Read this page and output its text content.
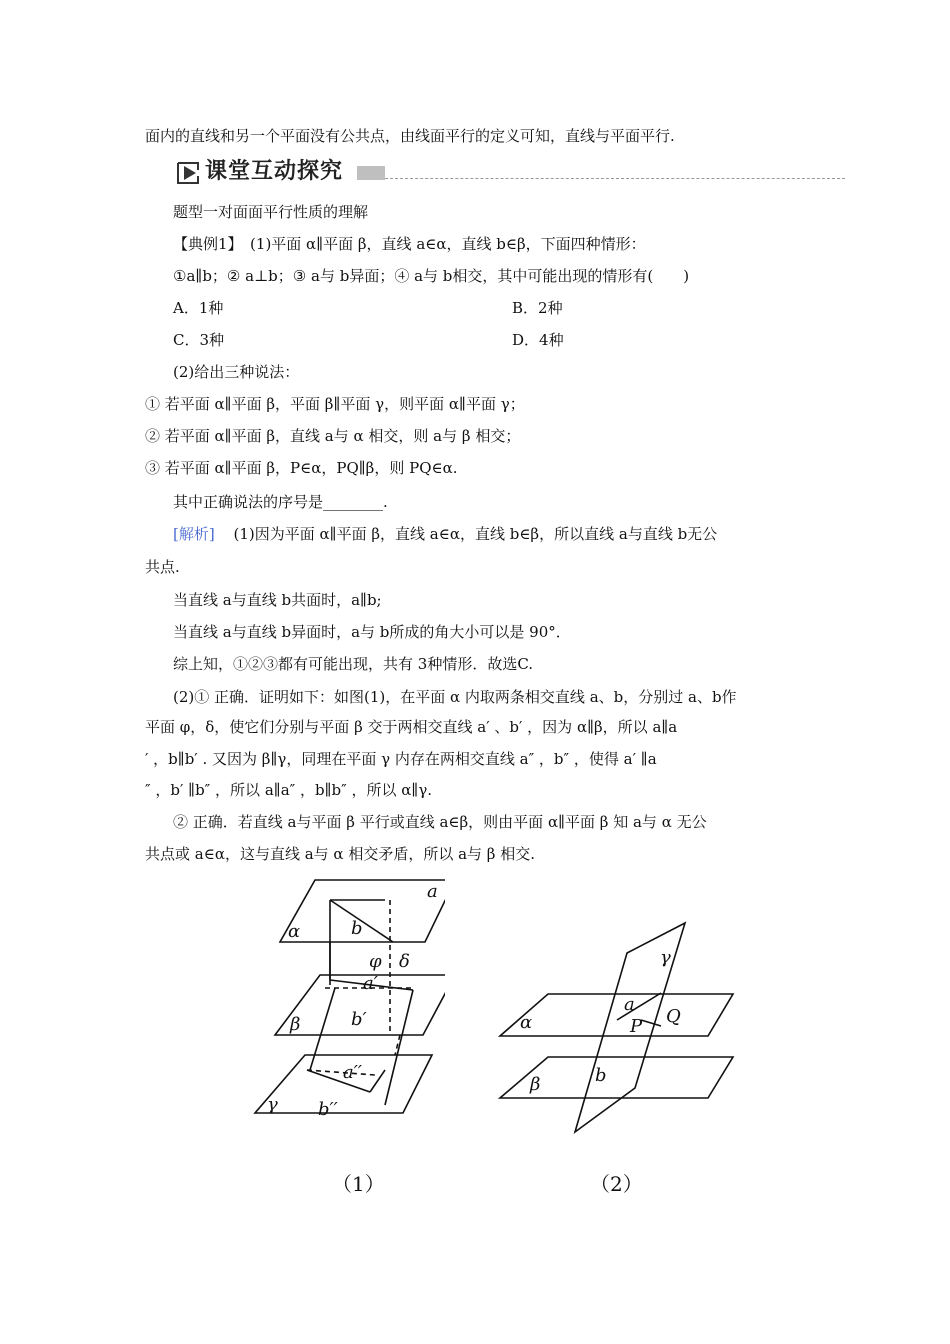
面内的直线和另一个平面没有公共点，由线面平行的定义可知，直线与平面平行.
课堂互动探究
题型一对面面平行性质的理解
【典例1】　(1)平面 α∥平面 β，直线 a∈α，直线 b∈β，下面四种情形：
①a∥b；② a⊥b；③ a与 b异面；④ a与 b相交，其中可能出现的情形有(　　)
A．1种	B．2种
C．3种	D．4种
(2)给出三种说法：
① 若平面 α∥平面 β，平面 β∥平面 γ，则平面 α∥平面 γ；
② 若平面 α∥平面 β，直线 a与 α 相交，则 a与 β 相交；
③ 若平面 α∥平面 β，P∈α，PQ∥β，则 PQ∈α.
其中正确说法的序号是________.
[解析] (1)因为平面 α∥平面 β，直线 a∈α，直线 b∈β，所以直线 a与直线 b无公
共点.
当直线 a与直线 b共面时，a∥b;
当直线 a与直线 b异面时，a与 b所成的角大小可以是 90°．
综上知，①②③都有可能出现，共有 3种情形．故选C.
(2)① 正确．证明如下：如图(1)，在平面 α 内取两条相交直线 a、b，分别过 a、b作
平面 φ，δ，使它们分别与平面 β 交于两相交直线 a′ 、b′ ，因为 α∥β，所以 a∥a
′ ，b∥b′ . 又因为 β∥γ，同理在平面 γ 内存在两相交直线 a″ ，b″ ，使得 a′ ∥a
″ ，b′ ∥b″ ，所以 a∥a″ ，b∥b″ ，所以 α∥γ.
② 正确．若直线 a与平面 β 平行或直线 a∈β，则由平面 α∥平面 β 知 a与 α 无公
共点或 a∈α，这与直线 a与 α 相交矛盾，所以 a与 β 相交.
a
α	b
φ δ
a′
β	b′
a′′
γ b′′
γ
a
Q
α	P
β	b
（1）	（2）
